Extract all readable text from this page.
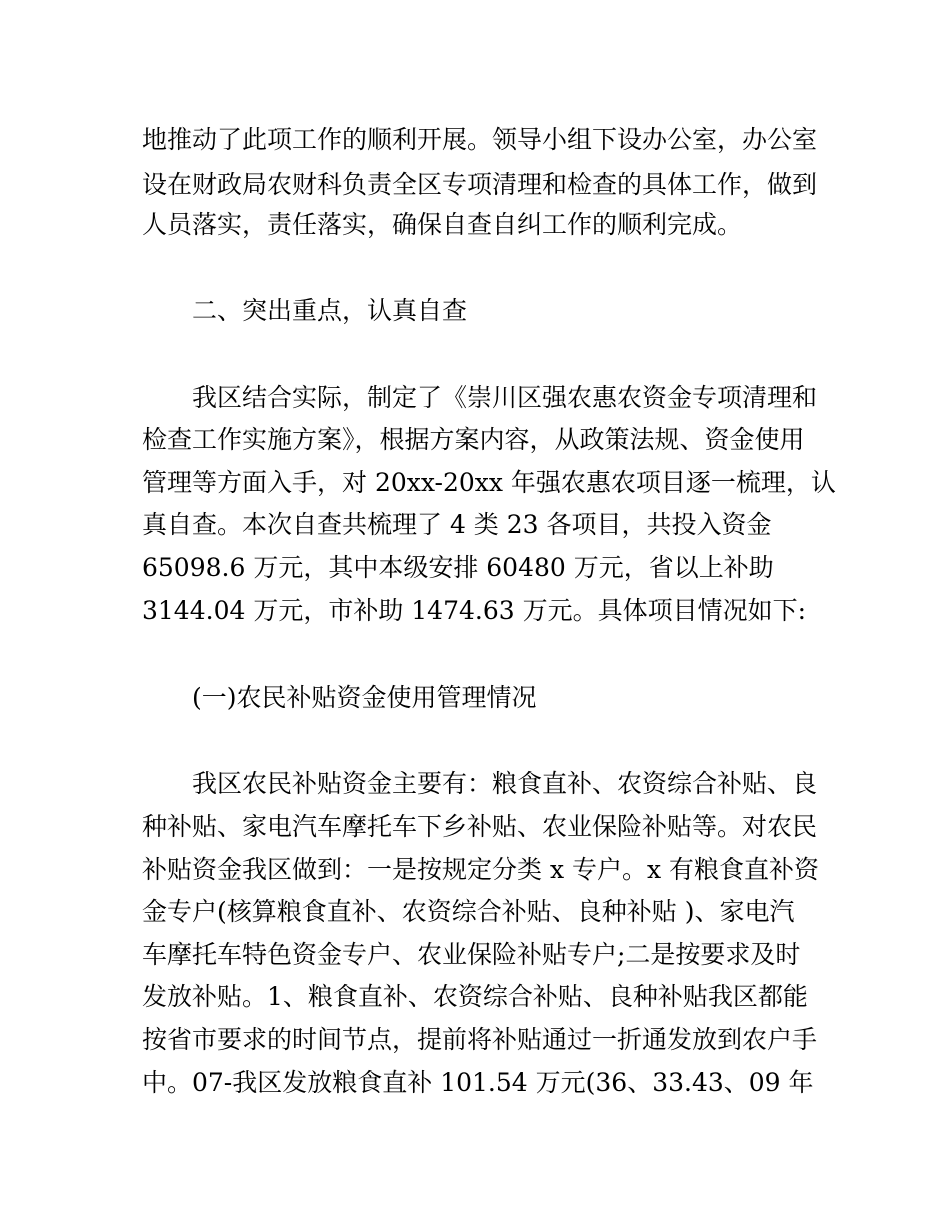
地推动了此项工作的顺利开展。领导小组下设办公室，办公室
设在财政局农财科负责全区专项清理和检查的具体工作，做到
人员落实，责任落实，确保自查自纠工作的顺利完成。
二、突出重点，认真自查
我区结合实际，制定了《崇川区强农惠农资金专项清理和
检查工作实施方案》，根据方案内容，从政策法规、资金使用
管理等方面入手，对 20xx-20xx 年强农惠农项目逐一梳理，认
真自查。本次自查共梳理了 4 类 23 各项目，共投入资金
65098.6 万元，其中本级安排 60480 万元，省以上补助
3144.04 万元，市补助 1474.63 万元。具体项目情况如下:
(一)农民补贴资金使用管理情况
我区农民补贴资金主要有：粮食直补、农资综合补贴、良
种补贴、家电汽车摩托车下乡补贴、农业保险补贴等。对农民
补贴资金我区做到：一是按规定分类 x 专户。x 有粮食直补资
金专户(核算粮食直补、农资综合补贴、良种补贴 )、家电汽
车摩托车特色资金专户、农业保险补贴专户;二是按要求及时
发放补贴。1、粮食直补、农资综合补贴、良种补贴我区都能
按省市要求的时间节点，提前将补贴通过一折通发放到农户手
中。07-我区发放粮食直补 101.54 万元(36、33.43、09 年
